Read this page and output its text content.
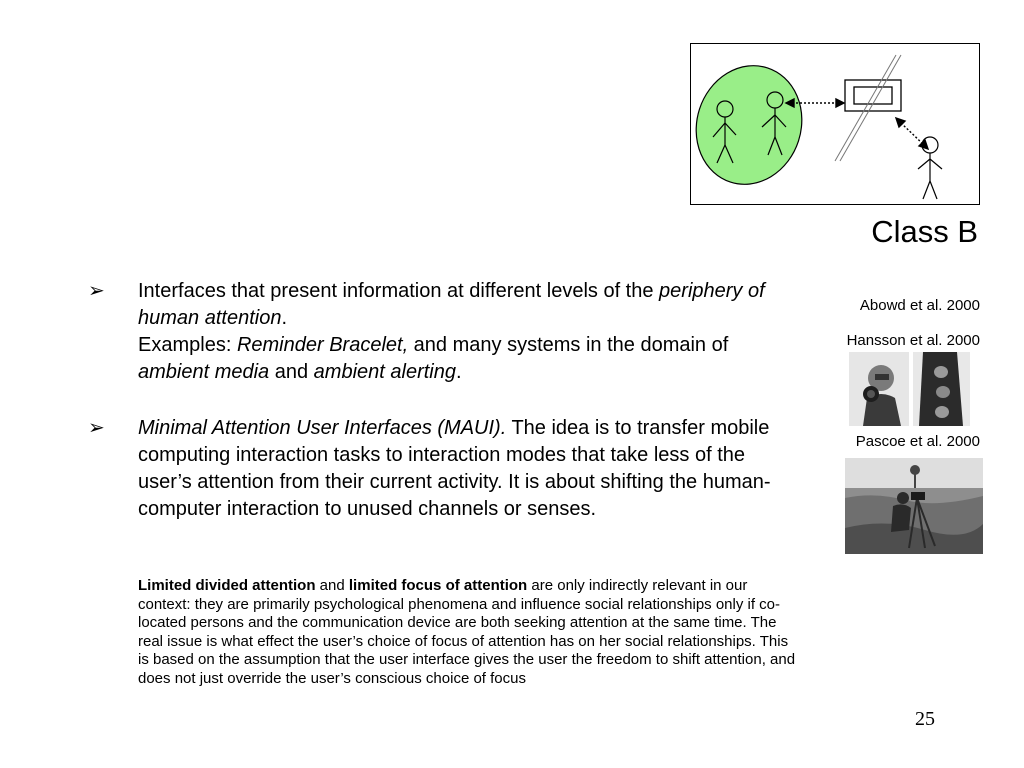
Class B
➢ Interfaces that present information at different levels of the periphery of human attention.
Examples: Reminder Bracelet, and many systems in the domain of ambient media and ambient alerting.

➢ Minimal Attention User Interfaces (MAUI). The idea is to transfer mobile computing interaction tasks to interaction modes that take less of the user’s attention from their current activity. It is about shifting the human-computer interaction to unused channels or senses.

Limited divided attention and limited focus of attention are only indirectly relevant in our context: they are primarily psychological phenomena and influence social relationships only if co-located persons and the communication device are both seeking attention at the same time. The real issue is what effect the user’s choice of focus of attention has on her social relationships. This is based on the assumption that the user interface gives the user the freedom to shift attention, and does not just override the user’s conscious choice of focus
Abowd et al. 2000
Hansson et al. 2000
Pascoe et al. 2000
25
